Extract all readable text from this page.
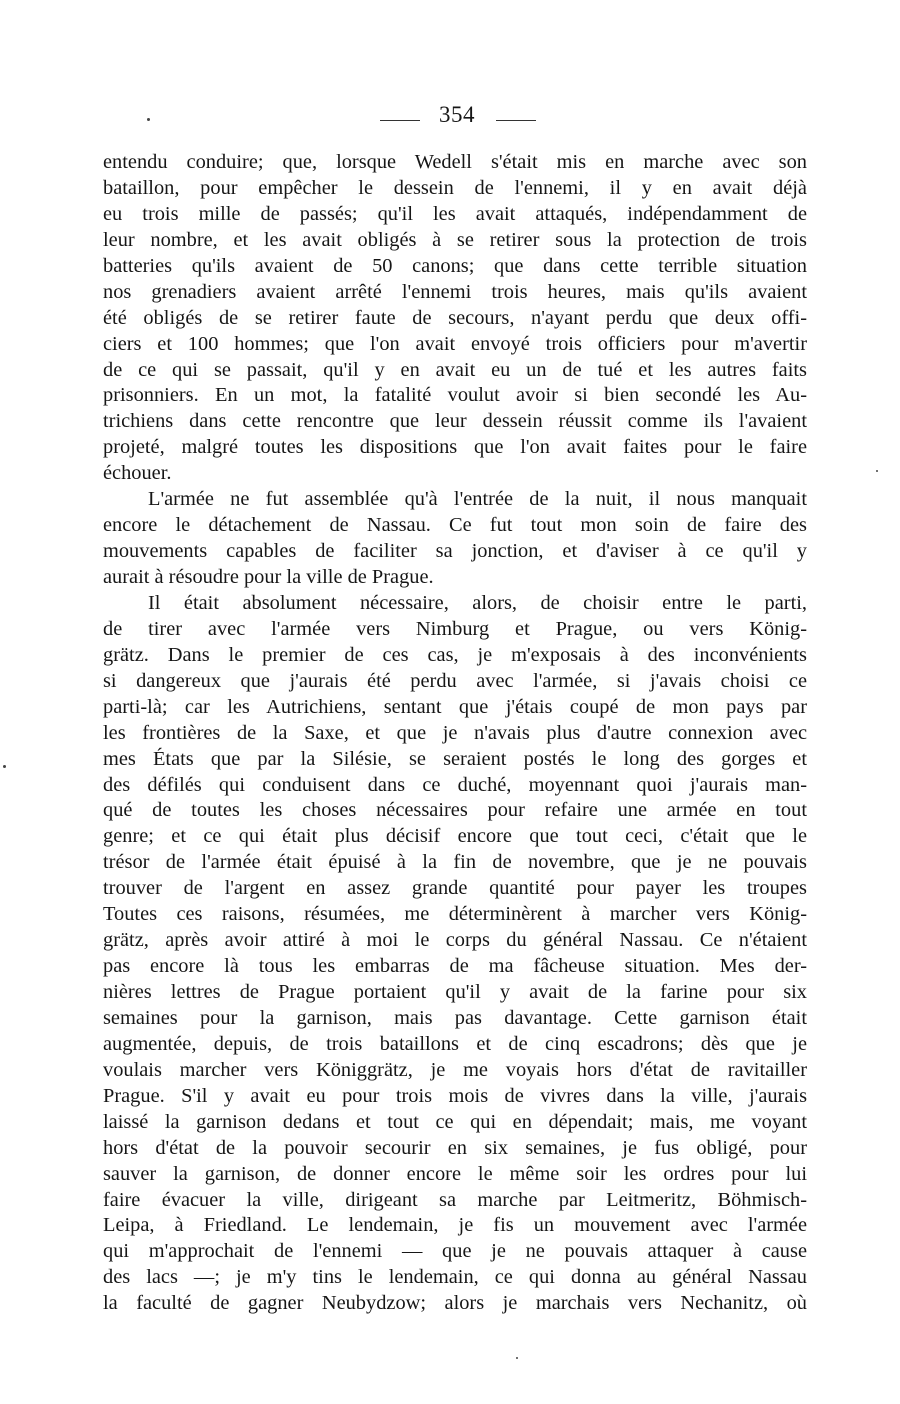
354
entendu conduire; que, lorsque Wedell s'était mis en marche avec son
bataillon, pour empêcher le dessein de l'ennemi, il y en avait déjà
eu trois mille de passés; qu'il les avait attaqués, indépendamment de
leur nombre, et les avait obligés à se retirer sous la protection de trois
batteries qu'ils avaient de 50 canons; que dans cette terrible situation
nos grenadiers avaient arrêté l'ennemi trois heures, mais qu'ils avaient
été obligés de se retirer faute de secours, n'ayant perdu que deux offi-
ciers et 100 hommes; que l'on avait envoyé trois officiers pour m'avertir
de ce qui se passait, qu'il y en avait eu un de tué et les autres faits
prisonniers. En un mot, la fatalité voulut avoir si bien secondé les Au-
trichiens dans cette rencontre que leur dessein réussit comme ils l'avaient
projeté, malgré toutes les dispositions que l'on avait faites pour le faire
échouer.
L'armée ne fut assemblée qu'à l'entrée de la nuit, il nous manquait
encore le détachement de Nassau. Ce fut tout mon soin de faire des
mouvements capables de faciliter sa jonction, et d'aviser à ce qu'il y
aurait à résoudre pour la ville de Prague.
Il était absolument nécessaire, alors, de choisir entre le parti,
de tirer avec l'armée vers Nimburg et Prague, ou vers König-
grätz. Dans le premier de ces cas, je m'exposais à des inconvénients
si dangereux que j'aurais été perdu avec l'armée, si j'avais choisi ce
parti-là; car les Autrichiens, sentant que j'étais coupé de mon pays par
les frontières de la Saxe, et que je n'avais plus d'autre connexion avec
mes États que par la Silésie, se seraient postés le long des gorges et
des défilés qui conduisent dans ce duché, moyennant quoi j'aurais man-
qué de toutes les choses nécessaires pour refaire une armée en tout
genre; et ce qui était plus décisif encore que tout ceci, c'était que le
trésor de l'armée était épuisé à la fin de novembre, que je ne pouvais
trouver de l'argent en assez grande quantité pour payer les troupes
Toutes ces raisons, résumées, me déterminèrent à marcher vers König-
grätz, après avoir attiré à moi le corps du général Nassau. Ce n'étaient
pas encore là tous les embarras de ma fâcheuse situation. Mes der-
nières lettres de Prague portaient qu'il y avait de la farine pour six
semaines pour la garnison, mais pas davantage. Cette garnison était
augmentée, depuis, de trois bataillons et de cinq escadrons; dès que je
voulais marcher vers Königgrätz, je me voyais hors d'état de ravitailler
Prague. S'il y avait eu pour trois mois de vivres dans la ville, j'aurais
laissé la garnison dedans et tout ce qui en dépendait; mais, me voyant
hors d'état de la pouvoir secourir en six semaines, je fus obligé, pour
sauver la garnison, de donner encore le même soir les ordres pour lui
faire évacuer la ville, dirigeant sa marche par Leitmeritz, Böhmisch-
Leipa, à Friedland. Le lendemain, je fis un mouvement avec l'armée
qui m'approchait de l'ennemi — que je ne pouvais attaquer à cause
des lacs —; je m'y tins le lendemain, ce qui donna au général Nassau
la faculté de gagner Neubydzow; alors je marchais vers Nechanitz, où
